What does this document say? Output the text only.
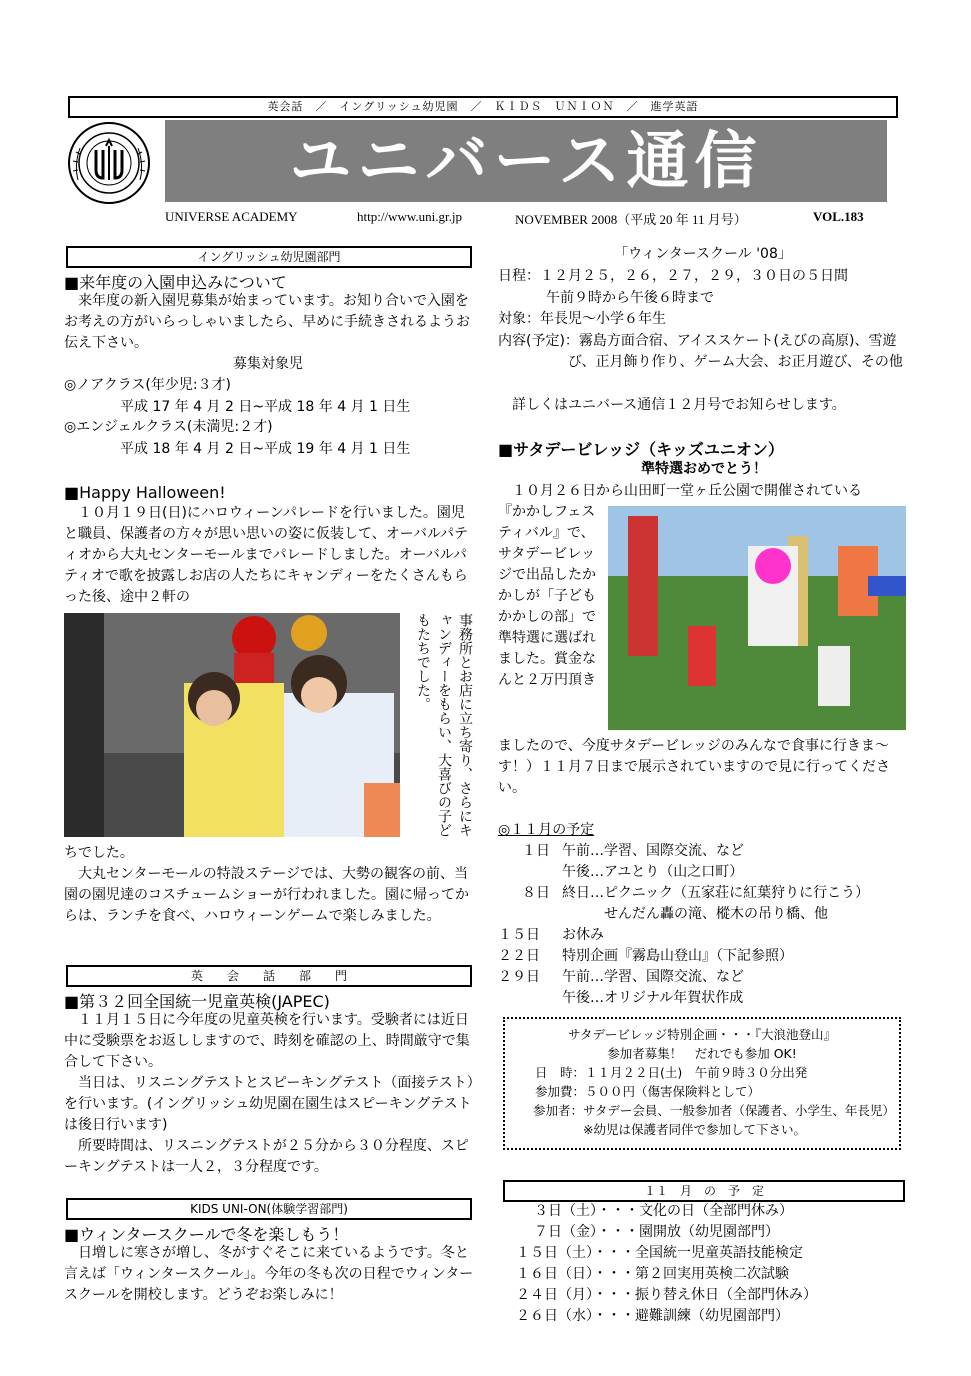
英会話　／　イングリッシュ幼児園　／　ＫＩＤＳ　ＵＮＩＯＮ　／　進学英語
ユニバース通信
UNIVERSE ACADEMY	http://www.uni.gr.jp	NOVEMBER 2008（平成 20 年 11 月号）	VOL.183
イングリッシュ幼児園部門
■来年度の入園申込みについて
　来年度の新入園児募集が始まっています。お知り合いで入園をお考えの方がいらっしゃいましたら、早めに手続きされるようお伝え下さい。
募集対象児
◎ノアクラス(年少児:３才)
平成 17 年 4 月 2 日~平成 18 年 4 月 1 日生
◎エンジェルクラス(未満児:２才)
平成 18 年 4 月 2 日~平成 19 年 4 月 1 日生
■Happy Halloween!
　１０月１９日(日)にハロウィーンパレードを行いました。園児と職員、保護者の方々が思い思いの姿に仮装して、オーバルパティオから大丸センターモールまでパレードしました。オーバルパティオで歌を披露しお店の人たちにキャンディーをたくさんもらった後、途中２軒の
事務所とお店に立ち寄り、さらにキャンディーをもらい、大喜びの子どもたちでした。
ちでした。
　大丸センターモールの特設ステージでは、大勢の観客の前、当園の園児達のコスチュームショーが行われました。園に帰ってからは、ランチを食べ、ハロウィーンゲームで楽しみました。
英　　会　　話　　部　　門
■第３２回全国統一児童英検(JAPEC)
　１１月１５日に今年度の児童英検を行います。受験者には近日中に受験票をお返ししますので、時刻を確認の上、時間厳守で集合して下さい。
　当日は、リスニングテストとスピーキングテスト（面接テスト）を行います。(イングリッシュ幼児園在園生はスピーキングテストは後日行います)
　所要時間は、リスニングテストが２５分から３０分程度、スピーキングテストは一人２，３分程度です。
KIDS UNI-ON(体験学習部門)
■ウィンタースクールで冬を楽しもう！
　日増しに寒さが増し、冬がすぐそこに来ているようです。冬と言えば「ウィンタースクール」。今年の冬も次の日程でウィンタースクールを開校します。どうぞお楽しみに！
「ウィンタースクール '08」
日程：１２月２５，２６，２７，２９，３０日の５日間
午前９時から午後６時まで
対象：年長児～小学６年生
内容(予定)：霧島方面合宿、アイススケート(えびの高原)、雪遊び、正月飾り作り、ゲーム大会、お正月遊び、その他
　詳しくはユニバース通信１２月号でお知らせします。
■サタデービレッジ（キッズユニオン）
準特選おめでとう！
　１０月２６日から山田町一堂ヶ丘公園で開催されている
『かかしフェスティバル』で、サタデービレッジで出品したかかしが「子どもかかしの部」で準特選に選ばれました。賞金なんと２万円頂き
ましたので、今度サタデービレッジのみんなで食事に行きま～す！）１１月７日まで展示されていますので見に行ってください。
◎１１月の予定
１日 午前…学習、国際交流、など
午後…アユとり（山之口町）
８日 終日…ピクニック（五家荘に紅葉狩りに行こう）
　　　せんだん轟の滝、樅木の吊り橋、他
１５日 お休み
２２日 特別企画『霧島山登山』（下記参照）
２９日 午前…学習、国際交流、など
午後…オリジナル年賀状作成
サタデービレッジ特別企画・・・『大浪池登山』
参加者募集！　だれでも参加 OK!
日　時：１１月２２日(土)　午前９時３０分出発
参加費：５００円（傷害保険料として）
参加者：サタデー会員、一般参加者（保護者、小学生、年長児）　※幼児は保護者同伴で参加して下さい。
１１　月　の　予　定
３日（土）・・・文化の日（全部門休み）
７日（金）・・・園開放（幼児園部門）
１５日（土）・・・全国統一児童英語技能検定
１６日（日）・・・第２回実用英検二次試験
２４日（月）・・・振り替え休日（全部門休み）
２６日（水）・・・避難訓練（幼児園部門）
